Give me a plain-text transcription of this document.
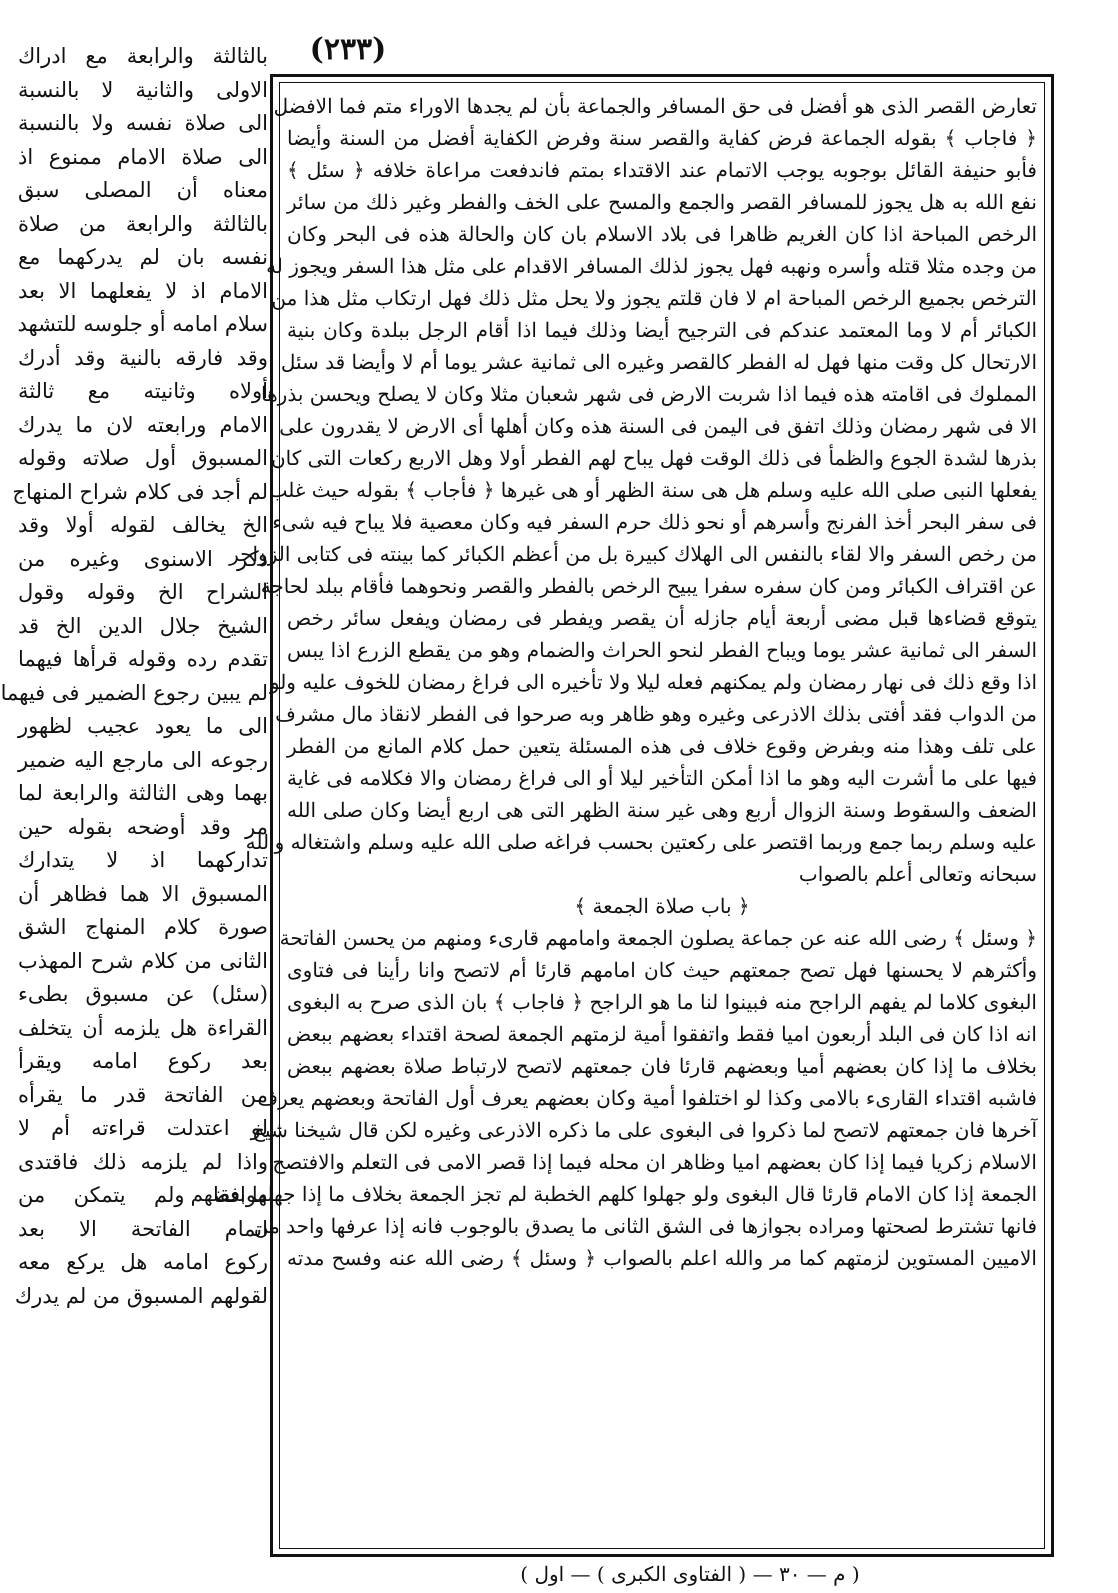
(٢٣٣)
بالثالثة والرابعة مع ادراك
الاولى والثانية لا بالنسبة
الى صلاة نفسه ولا بالنسبة
الى صلاة الامام ممنوع اذ
معناه أن المصلى سبق
بالثالثة والرابعة من صلاة
نفسه بان لم يدركهما مع
الامام اذ لا يفعلهما الا بعد
سلام امامه أو جلوسه للتشهد
وقد فارقه بالنية وقد أدرك
أولاه وثانيته مع ثالثة
الامام ورابعته لان ما يدرك
المسبوق أول صلاته وقوله
لم أجد فى كلام شراح المنهاج
الخ يخالف لقوله أولا وقد
ذكر الاسنوى وغيره من
الشراح الخ وقوله وقول
الشيخ جلال الدين الخ قد
تقدم رده وقوله قرأها فيهما
لم يبين رجوع الضمير فى فيهما
الى ما يعود عجيب لظهور
رجوعه الى مارجع اليه ضمير
بهما وهى الثالثة والرابعة لما
مر وقد أوضحه بقوله حين
تداركهما اذ لا يتدارك
المسبوق الا هما فظاهر أن
صورة كلام المنهاج الشق
الثانى من كلام شرح المهذب
(سئل) عن مسبوق بطىء
القراءة هل يلزمه أن يتخلف
بعد ركوع امامه ويقرأ
من الفاتحة قدر ما يقرأه
لو اعتدلت قراءته أم لا
واذا لم يلزمه ذلك فاقتدى
موافقا ولم يتمكن من
اتمام الفاتحة الا بعد
ركوع امامه هل يركع معه
لقولهم المسبوق من لم يدرك
تعارض القصر الذى هو أفضل فى حق المسافر والجماعة بأن لم يجدها الاوراء متم فما الافضل
﴿ فاجاب ﴾ بقوله الجماعة فرض كفاية والقصر سنة وفرض الكفاية أفضل من السنة وأيضا
فأبو حنيفة القائل بوجوبه يوجب الاتمام عند الاقتداء بمتم فاندفعت مراعاة خلافه ﴿ سئل ﴾
نفع الله به هل يجوز للمسافر القصر والجمع والمسح على الخف والفطر وغير ذلك من سائر
الرخص المباحة اذا كان الغريم ظاهرا فى بلاد الاسلام بان كان والحالة هذه فى البحر وكان
من وجده مثلا قتله وأسره ونهبه فهل يجوز لذلك المسافر الاقدام على مثل هذا السفر ويجوز له
الترخص بجميع الرخص المباحة ام لا فان قلتم يجوز ولا يحل مثل ذلك فهل ارتكاب مثل هذا من
الكبائر أم لا وما المعتمد عندكم فى الترجيح أيضا وذلك فيما اذا أقام الرجل ببلدة وكان بنية
الارتحال كل وقت منها فهل له الفطر كالقصر وغيره الى ثمانية عشر يوما أم لا وأيضا قد سئل
المملوك فى اقامته هذه فيما اذا شربت الارض فى شهر شعبان مثلا وكان لا يصلح ويحسن بذرها
الا فى شهر رمضان وذلك اتفق فى اليمن فى السنة هذه وكان أهلها أى الارض لا يقدرون على
بذرها لشدة الجوع والظمأ فى ذلك الوقت فهل يباح لهم الفطر أولا وهل الاربع ركعات التى كان
يفعلها النبى صلى الله عليه وسلم هل هى سنة الظهر أو هى غيرها ﴿ فأجاب ﴾ بقوله حيث غلب
فى سفر البحر أخذ الفرنج وأسرهم أو نحو ذلك حرم السفر فيه وكان معصية فلا يباح فيه شىء
من رخص السفر والا لقاء بالنفس الى الهلاك كبيرة بل من أعظم الكبائر كما بينته فى كتابى الزواجر
عن اقتراف الكبائر ومن كان سفره سفرا يبيح الرخص بالفطر والقصر ونحوهما فأقام ببلد لحاجة
يتوقع قضاءها قبل مضى أربعة أيام جازله أن يقصر ويفطر فى رمضان ويفعل سائر رخص
السفر الى ثمانية عشر يوما ويباح الفطر لنحو الحراث والضمام وهو من يقطع الزرع اذا يبس
اذا وقع ذلك فى نهار رمضان ولم يمكنهم فعله ليلا ولا تأخيره الى فراغ رمضان للخوف عليه ولو
من الدواب فقد أفتى بذلك الاذرعى وغيره وهو ظاهر وبه صرحوا فى الفطر لانقاذ مال مشرف
على تلف وهذا منه وبفرض وقوع خلاف فى هذه المسئلة يتعين حمل كلام المانع من الفطر
فيها على ما أشرت اليه وهو ما اذا أمكن التأخير ليلا أو الى فراغ رمضان والا فكلامه فى غاية
الضعف والسقوط وسنة الزوال أربع وهى غير سنة الظهر التى هى اربع أيضا وكان صلى الله
عليه وسلم ربما جمع وربما اقتصر على ركعتين بحسب فراغه صلى الله عليه وسلم واشتغاله والله
سبحانه وتعالى أعلم بالصواب
﴿ باب صلاة الجمعة ﴾
﴿ وسئل ﴾ رضى الله عنه عن جماعة يصلون الجمعة وامامهم قارىء ومنهم من يحسن الفاتحة
وأكثرهم لا يحسنها فهل تصح جمعتهم حيث كان امامهم قارئا أم لاتصح وانا رأينا فى فتاوى
البغوى كلاما لم يفهم الراجح منه فبينوا لنا ما هو الراجح ﴿ فاجاب ﴾ بان الذى صرح به البغوى
انه اذا كان فى البلد أربعون اميا فقط واتفقوا أمية لزمتهم الجمعة لصحة اقتداء بعضهم ببعض
بخلاف ما إذا كان بعضهم أميا وبعضهم قارئا فان جمعتهم لاتصح لارتباط صلاة بعضهم ببعض
فاشبه اقتداء القارىء بالامى وكذا لو اختلفوا أمية وكان بعضهم يعرف أول الفاتحة وبعضهم يعرف
آخرها فان جمعتهم لاتصح لما ذكروا فى البغوى على ما ذكره الاذرعى وغيره لكن قال شيخنا شيخ
الاسلام زكريا فيما إذا كان بعضهم اميا وظاهر ان محله فيما إذا قصر الامى فى التعلم والافتصح
الجمعة إذا كان الامام قارئا قال البغوى ولو جهلوا كلهم الخطبة لم تجز الجمعة بخلاف ما إذا جهلها بعضهم
فانها تشترط لصحتها ومراده بجوازها فى الشق الثانى ما يصدق بالوجوب فانه إذا عرفها واحد من
الاميين المستوين لزمتهم كما مر والله اعلم بالصواب ﴿ وسئل ﴾ رضى الله عنه وفسح مدته
( م — ٣٠ — ( الفتاوى الكبرى ) — اول )
